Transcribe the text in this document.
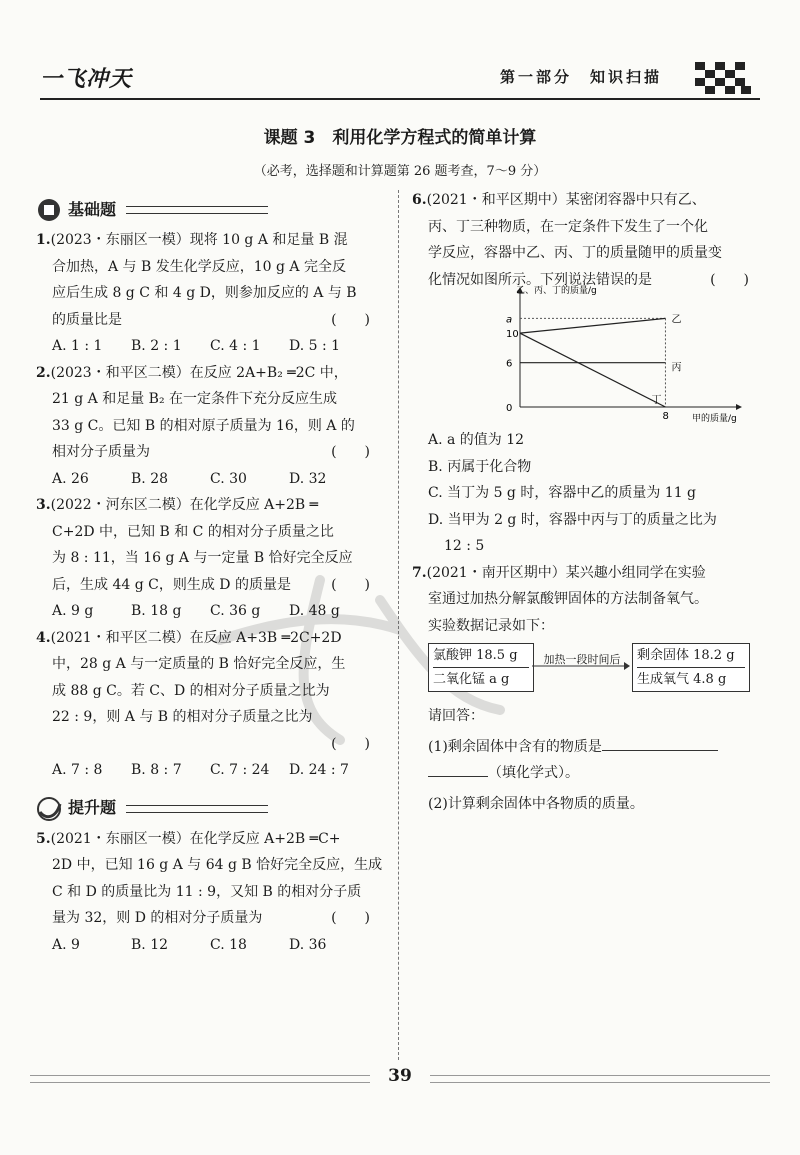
一飞冲天	第一部分　知识扫描
课题 3　利用化学方程式的简单计算
（必考，选择题和计算题第 26 题考查，7～9 分）
基础题

1.(2023・东丽区一模）现将 10 g A 和足量 B 混

合加热，A 与 B 发生化学反应，10 g A 完全反

应后生成 8 g C 和 4 g D，则参加反应的 A 与 B

的质量比是	(　　)

A. 1 : 1	B. 2 : 1	C. 4 : 1	D. 5 : 1

2.(2023・和平区二模）在反应 2A+B₂ ═2C 中，

21 g A 和足量 B₂ 在一定条件下充分反应生成

33 g C。已知 B 的相对原子质量为 16，则 A 的

相对分子质量为	(　　)

A. 26	B. 28	C. 30	D. 32

3.(2022・河东区二模）在化学反应 A+2B ═

C+2D 中，已知 B 和 C 的相对分子质量之比

为 8 : 11，当 16 g A 与一定量 B 恰好完全反应

后，生成 44 g C，则生成 D 的质量是	(　　)

A. 9 g	B. 18 g	C. 36 g	D. 48 g

4.(2021・和平区二模）在反应 A+3B ═2C+2D

中，28 g A 与一定质量的 B 恰好完全反应，生

成 88 g C。若 C、D 的相对分子质量之比为

22 : 9，则 A 与 B 的相对分子质量之比为

(　　)

A. 7 : 8	B. 8 : 7	C. 7 : 24	D. 24 : 7

提升题

5.(2021・东丽区一模）在化学反应 A+2B ═C+

2D 中，已知 16 g A 与 64 g B 恰好完全反应，生成

C 和 D 的质量比为 11 : 9，又知 B 的相对分子质

量为 32，则 D 的相对分子质量为	(　　)

A. 9	B. 12	C. 18	D. 36

6.(2021・和平区期中）某密闭容器中只有乙、

丙、丁三种物质，在一定条件下发生了一个化

学反应，容器中乙、丙、丁的质量随甲的质量变

化情况如图所示。下列说法错误的是	(　　)

乙、丙、丁的质量/g
甲的质量/g
0
6
10
a
8
乙
丙
丁

A. a 的值为 12

B. 丙属于化合物

C. 当丁为 5 g 时，容器中乙的质量为 11 g

D. 当甲为 2 g 时，容器中丙与丁的质量之比为

12 : 5

7.(2021・南开区期中）某兴趣小组同学在实验

室通过加热分解氯酸钾固体的方法制备氧气。

实验数据记录如下：

氯酸钾 18.5 g
二氧化锰 a g
加热一段时间后	剩余固体 18.2 g
生成氧气 4.8 g

请回答：

(1)剩余固体中含有的物质是

（填化学式）。

(2)计算剩余固体中各物质的质量。

39
